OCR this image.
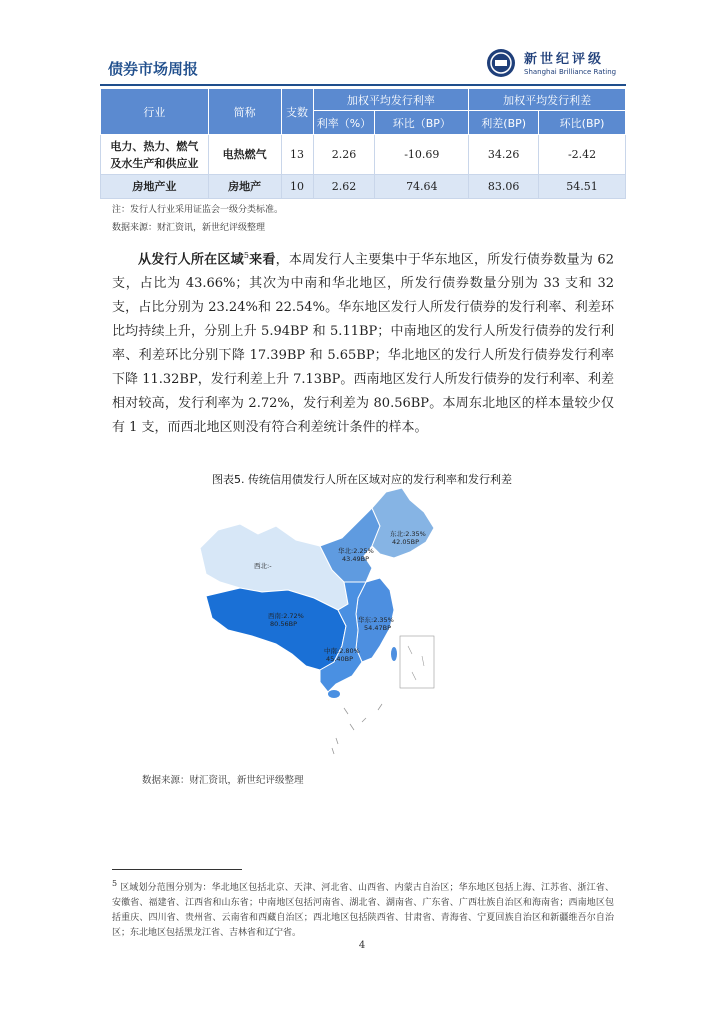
债券市场周报
新世纪评级
Shanghai Brilliance Rating
行业	简称	支数	加权平均发行利率		加权平均发行利差	
			利率（%）	环比（BP）	利差(BP)	环比(BP)

电力、热力、燃气
及水生产和供应业	电热燃气	13	2.26	-10.69	34.26	-2.42
房地产业	房地产	10	2.62	74.64	83.06	54.51
注：发行人行业采用证监会一级分类标准。
数据来源：财汇资讯，新世纪评级整理

从发行人所在区域$^5$来看，本周发行人主要集中于华东地区，所发行债券数量为 62 支，占比为 43.66%；其次为中南和华北地区，所发行债券数量分别为 33 支和 32 支，占比分别为 23.24%和 22.54%。华东地区发行人所发行债券的发行利率、利差环比均持续上升，分别上升 5.94BP 和 5.11BP；中南地区的发行人所发行债券的发行利率、利差环比分别下降 17.39BP 和 5.65BP；华北地区的发行人所发行债券发行利率下降 11.32BP，发行利差上升 7.13BP。西南地区发行人所发行债券的发行利率、利差相对较高，发行利率为 2.72%，发行利差为 80.56BP。本周东北地区的样本量较少仅有 1 支，而西北地区则没有符合利差统计条件的样本。

图表5. 传统信用债发行人所在区域对应的发行利率和发行利差
东北:2.35%
42.05BP
华北:2.25%
43.49BP
西北:-
西南:2.72%
80.56BP	华东:2.35%
54.47BP
中南:2.80%
45.40BP
数据来源：财汇资讯，新世纪评级整理
$^5$ 区域划分范围分别为：华北地区包括北京、天津、河北省、山西省、内蒙古自治区；华东地区包括上海、江苏省、浙江省、安徽省、福建省、江西省和山东省；中南地区包括河南省、湖北省、湖南省、广东省、广西壮族自治区和海南省；西南地区包括重庆、四川省、贵州省、云南省和西藏自治区；西北地区包括陕西省、甘肃省、青海省、宁夏回族自治区和新疆维吾尔自治区；东北地区包括黑龙江省、吉林省和辽宁省。
4
